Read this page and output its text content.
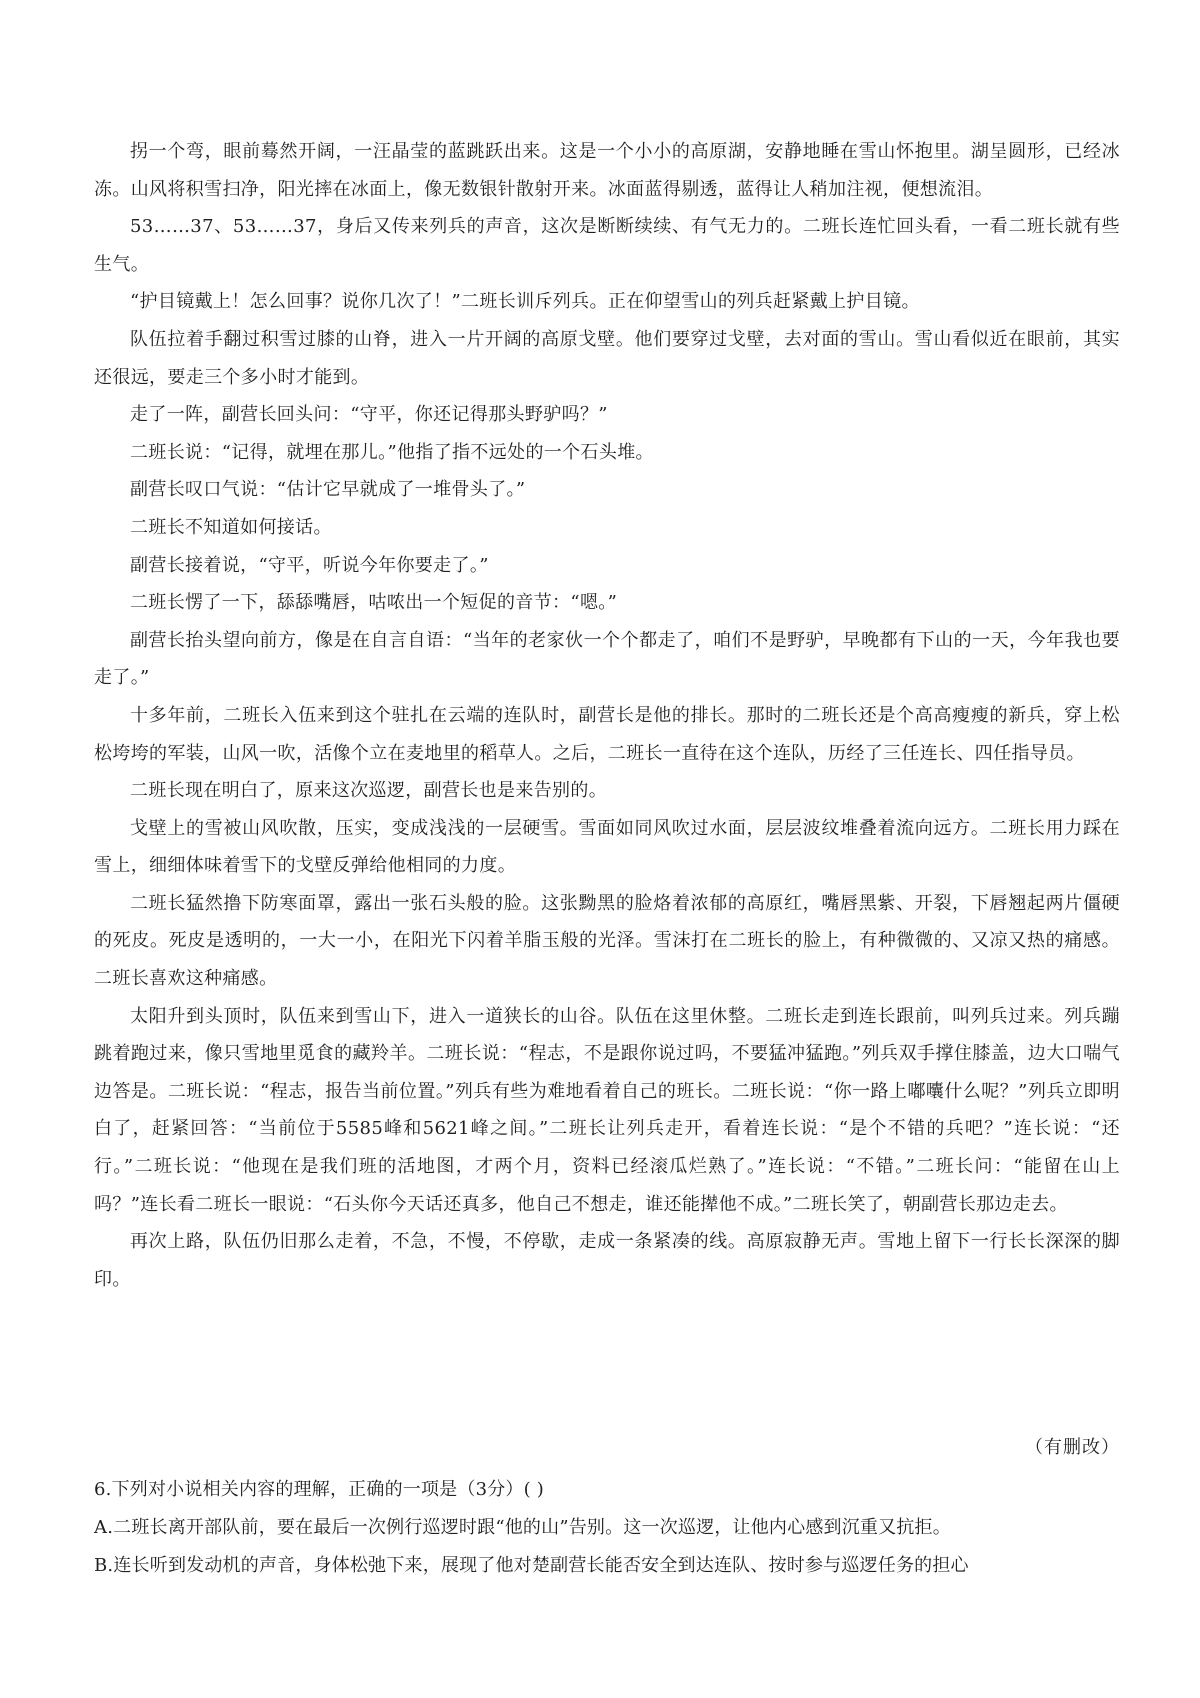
拐一个弯，眼前蓦然开阔，一汪晶莹的蓝跳跃出来。这是一个小小的高原湖，安静地睡在雪山怀抱里。湖呈圆形，已经冰冻。山风将积雪扫净，阳光摔在冰面上，像无数银针散射开来。冰面蓝得剔透，蓝得让人稍加注视，便想流泪。

53……37、53……37，身后又传来列兵的声音，这次是断断续续、有气无力的。二班长连忙回头看，一看二班长就有些生气。

“护目镜戴上！怎么回事？说你几次了！”二班长训斥列兵。正在仰望雪山的列兵赶紧戴上护目镜。

队伍拉着手翻过积雪过膝的山脊，进入一片开阔的高原戈壁。他们要穿过戈壁，去对面的雪山。雪山看似近在眼前，其实还很远，要走三个多小时才能到。

走了一阵，副营长回头问：“守平，你还记得那头野驴吗？”

二班长说：“记得，就埋在那儿。”他指了指不远处的一个石头堆。

副营长叹口气说：“估计它早就成了一堆骨头了。”

二班长不知道如何接话。

副营长接着说，“守平，听说今年你要走了。”

二班长愣了一下，舔舔嘴唇，咕哝出一个短促的音节：“嗯。”

副营长抬头望向前方，像是在自言自语：“当年的老家伙一个个都走了，咱们不是野驴，早晚都有下山的一天，今年我也要走了。”

十多年前，二班长入伍来到这个驻扎在云端的连队时，副营长是他的排长。那时的二班长还是个高高瘦瘦的新兵，穿上松松垮垮的军装，山风一吹，活像个立在麦地里的稻草人。之后，二班长一直待在这个连队，历经了三任连长、四任指导员。

二班长现在明白了，原来这次巡逻，副营长也是来告别的。

戈壁上的雪被山风吹散，压实，变成浅浅的一层硬雪。雪面如同风吹过水面，层层波纹堆叠着流向远方。二班长用力踩在雪上，细细体味着雪下的戈壁反弹给他相同的力度。

二班长猛然撸下防寒面罩，露出一张石头般的脸。这张黝黑的脸烙着浓郁的高原红，嘴唇黑紫、开裂，下唇翘起两片僵硬的死皮。死皮是透明的，一大一小，在阳光下闪着羊脂玉般的光泽。雪沫打在二班长的脸上，有种微微的、又凉又热的痛感。二班长喜欢这种痛感。

太阳升到头顶时，队伍来到雪山下，进入一道狭长的山谷。队伍在这里休整。二班长走到连长跟前，叫列兵过来。列兵蹦跳着跑过来，像只雪地里觅食的藏羚羊。二班长说：“程志，不是跟你说过吗，不要猛冲猛跑。”列兵双手撑住膝盖，边大口喘气边答是。二班长说：“程志，报告当前位置。”列兵有些为难地看着自己的班长。二班长说：“你一路上嘟囔什么呢？”列兵立即明白了，赶紧回答：“当前位于5585峰和5621峰之间。”二班长让列兵走开，看着连长说：“是个不错的兵吧？”连长说：“还行。”二班长说：“他现在是我们班的活地图，才两个月，资料已经滚瓜烂熟了。”连长说：“不错。”二班长问：“能留在山上吗？”连长看二班长一眼说：“石头你今天话还真多，他自己不想走，谁还能撵他不成。”二班长笑了，朝副营长那边走去。

再次上路，队伍仍旧那么走着，不急，不慢，不停歇，走成一条紧凑的线。高原寂静无声。雪地上留下一行长长深深的脚印。

（有删改）

6.下列对小说相关内容的理解，正确的一项是（3分）( )

A.二班长离开部队前，要在最后一次例行巡逻时跟“他的山”告别。这一次巡逻，让他内心感到沉重又抗拒。

B.连长听到发动机的声音，身体松弛下来，展现了他对楚副营长能否安全到达连队、按时参与巡逻任务的担心
